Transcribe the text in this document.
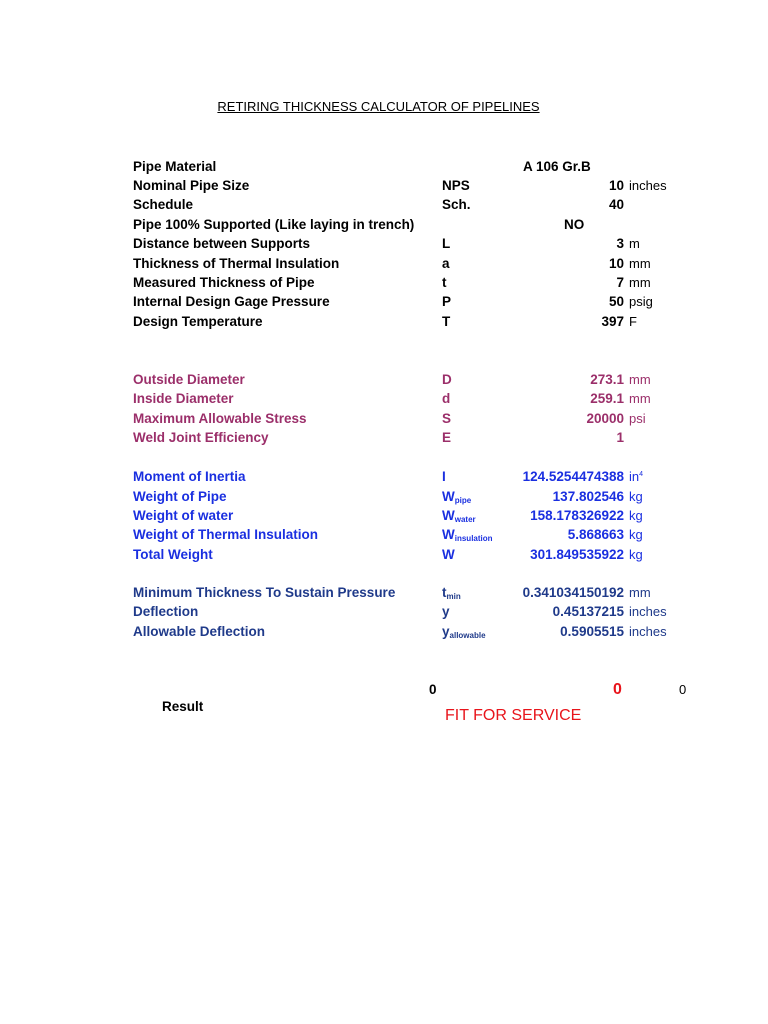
RETIRING THICKNESS CALCULATOR OF PIPELINES
Pipe Material	A 106 Gr.B
Nominal Pipe Size	NPS	10 inches
Schedule	Sch.	40
Pipe 100% Supported (Like laying in trench)	NO
Distance between Supports	L	3 m
Thickness of Thermal Insulation	a	10 mm
Measured Thickness of Pipe	t	7 mm
Internal Design Gage Pressure	P	50 psig
Design Temperature	T	397 F
Outside Diameter	D	273.1 mm
Inside Diameter	d	259.1 mm
Maximum Allowable Stress	S	20000 psi
Weld Joint Efficiency	E	1
Moment of Inertia	I	124.5254474388 $in^4$
Weight of Pipe	$W_{pipe}$	137.802546 kg
Weight of water	$W_{water}$	158.178326922 kg
Weight of Thermal Insulation	$W_{insulation}$	5.868663 kg
Total Weight	W	301.849535922 kg
Minimum Thickness To Sustain Pressure	$t_{min}$	0.341034150192 mm
Deflection	y	0.45137215 inches
Allowable Deflection	$y_{allowable}$	0.5905515 inches
0	0	0
Result
FIT FOR SERVICE
